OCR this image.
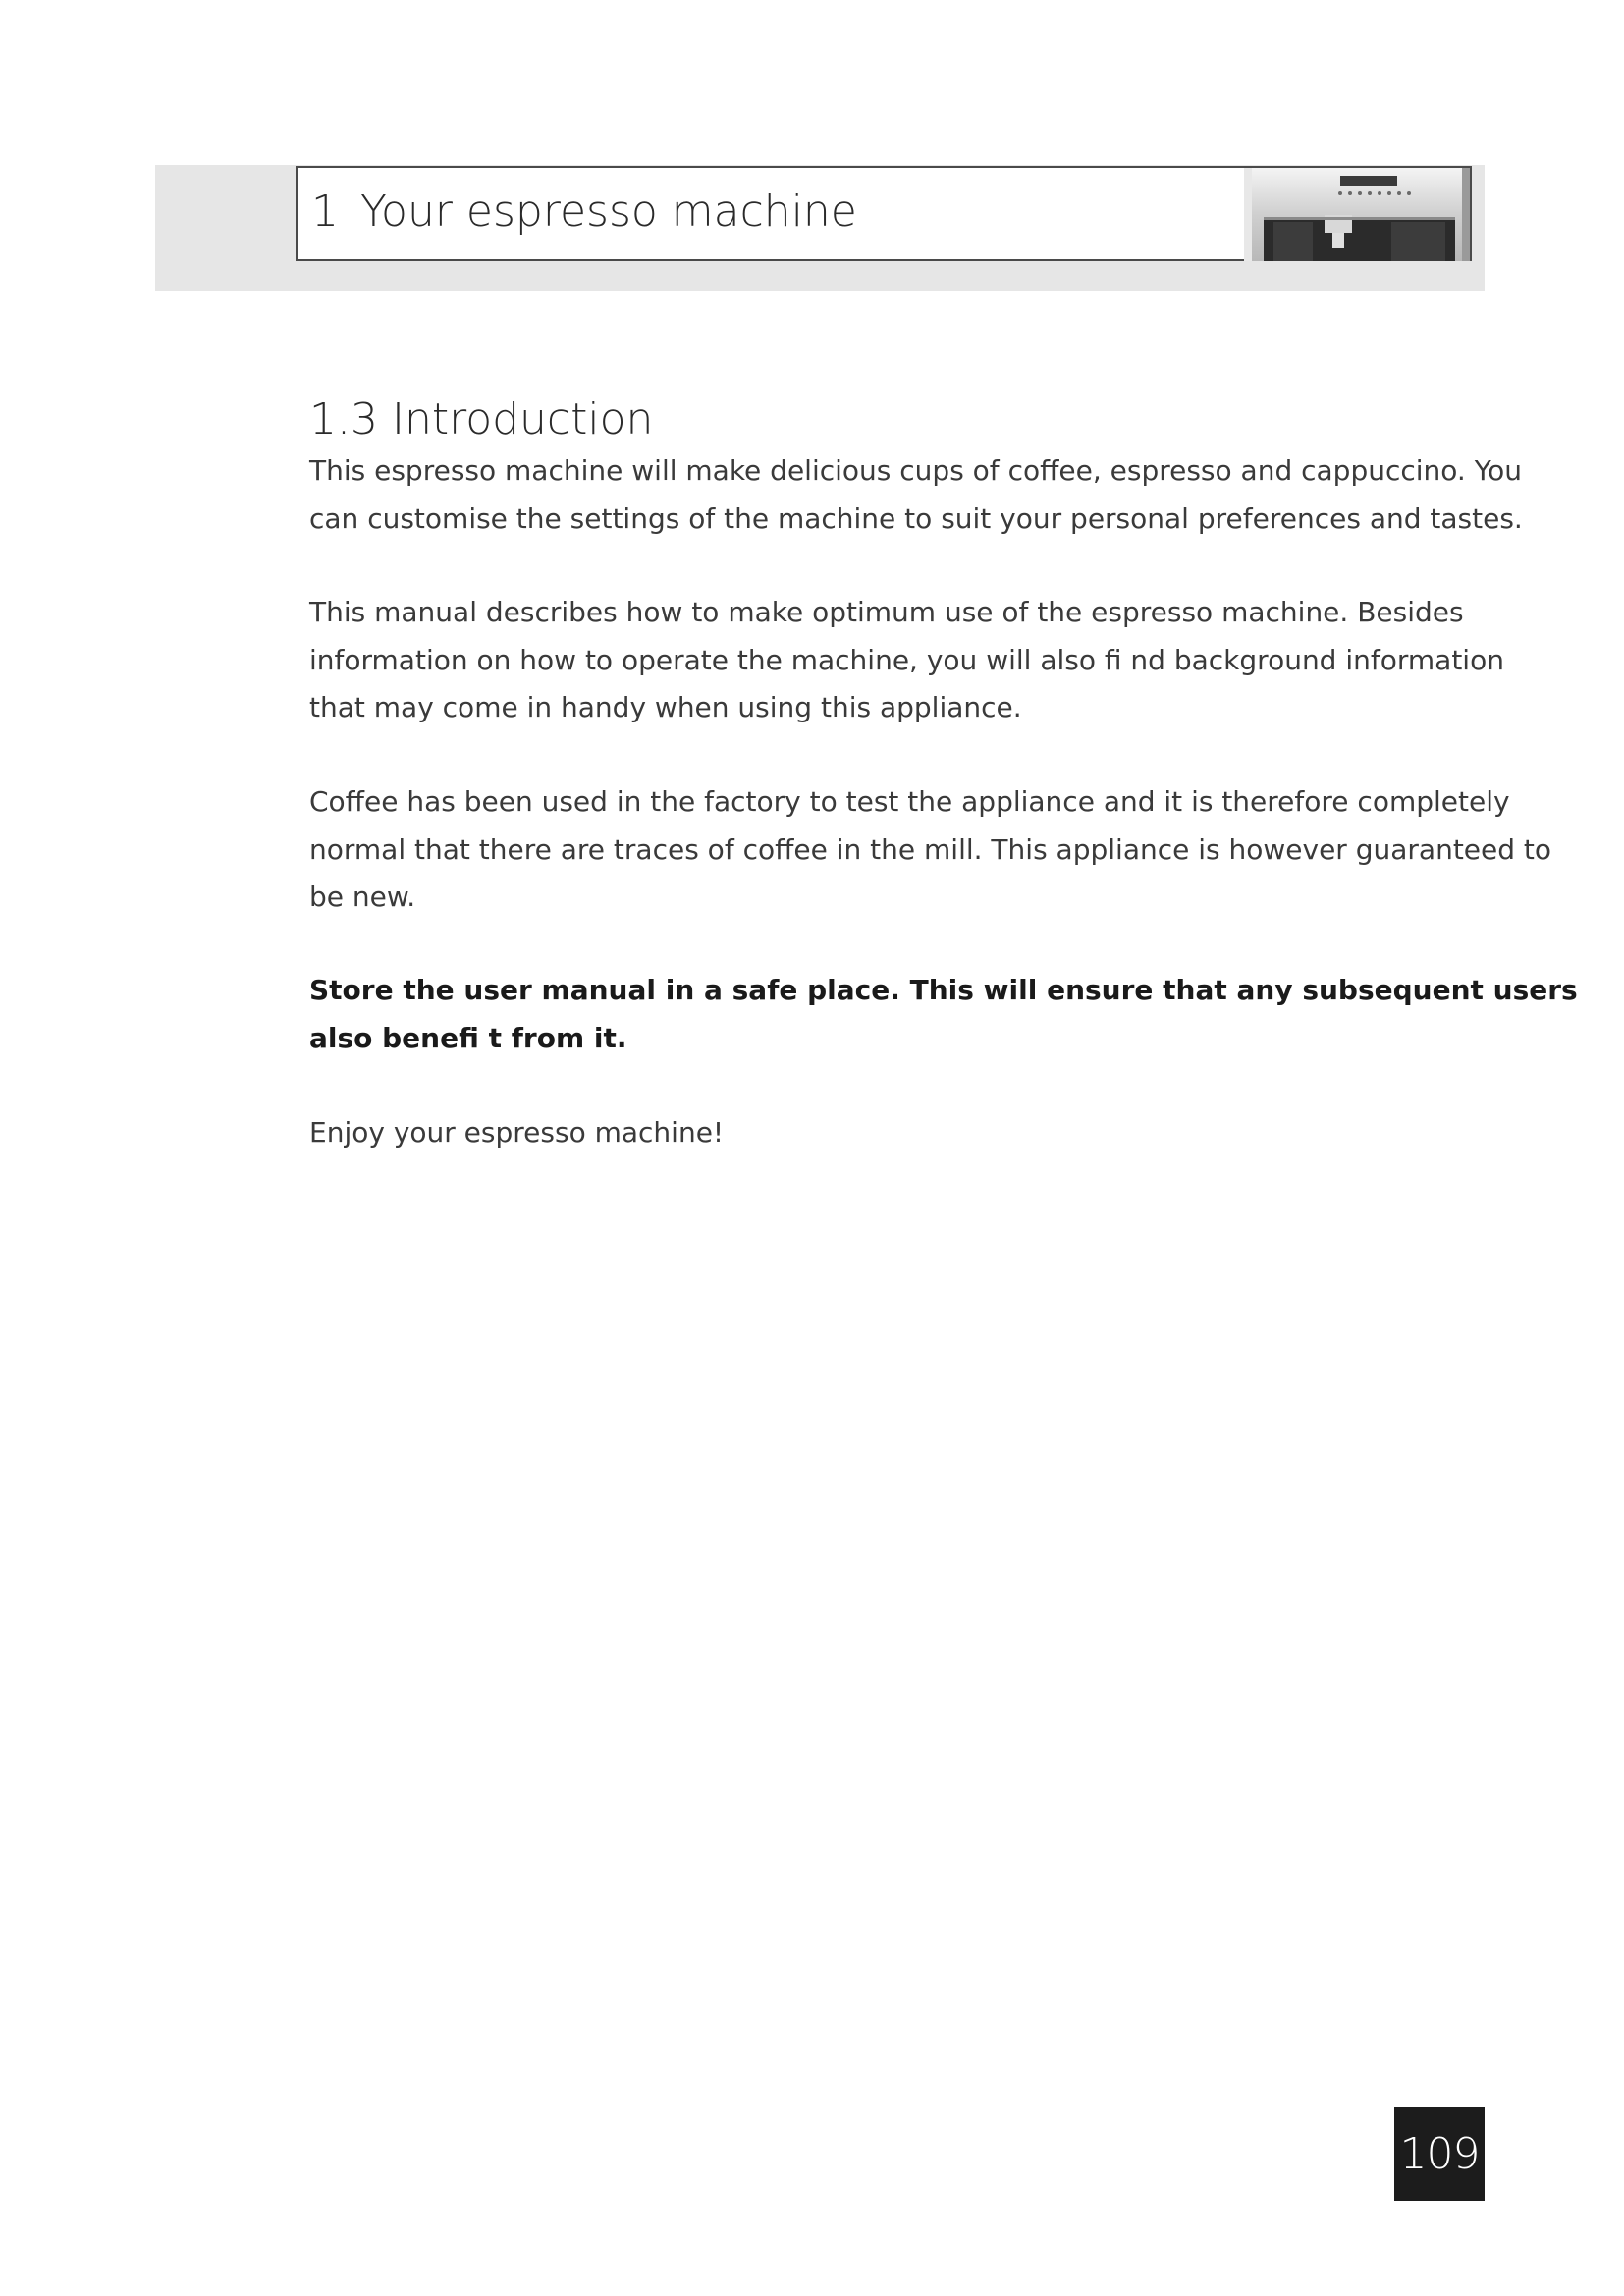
1 Your espresso machine
1.3 Introduction

This espresso machine will make delicious cups of coffee, espresso and cappuccino. You
can customise the settings of the machine to suit your personal preferences and tastes.

This manual describes how to make optimum use of the espresso machine. Besides
information on how to operate the machine, you will also fi nd background information
that may come in handy when using this appliance.

Coffee has been used in the factory to test the appliance and it is therefore completely
normal that there are traces of coffee in the mill. This appliance is however guaranteed to
be new.

Store the user manual in a safe place. This will ensure that any subsequent users
also benefi t from it.

Enjoy your espresso machine!

109
